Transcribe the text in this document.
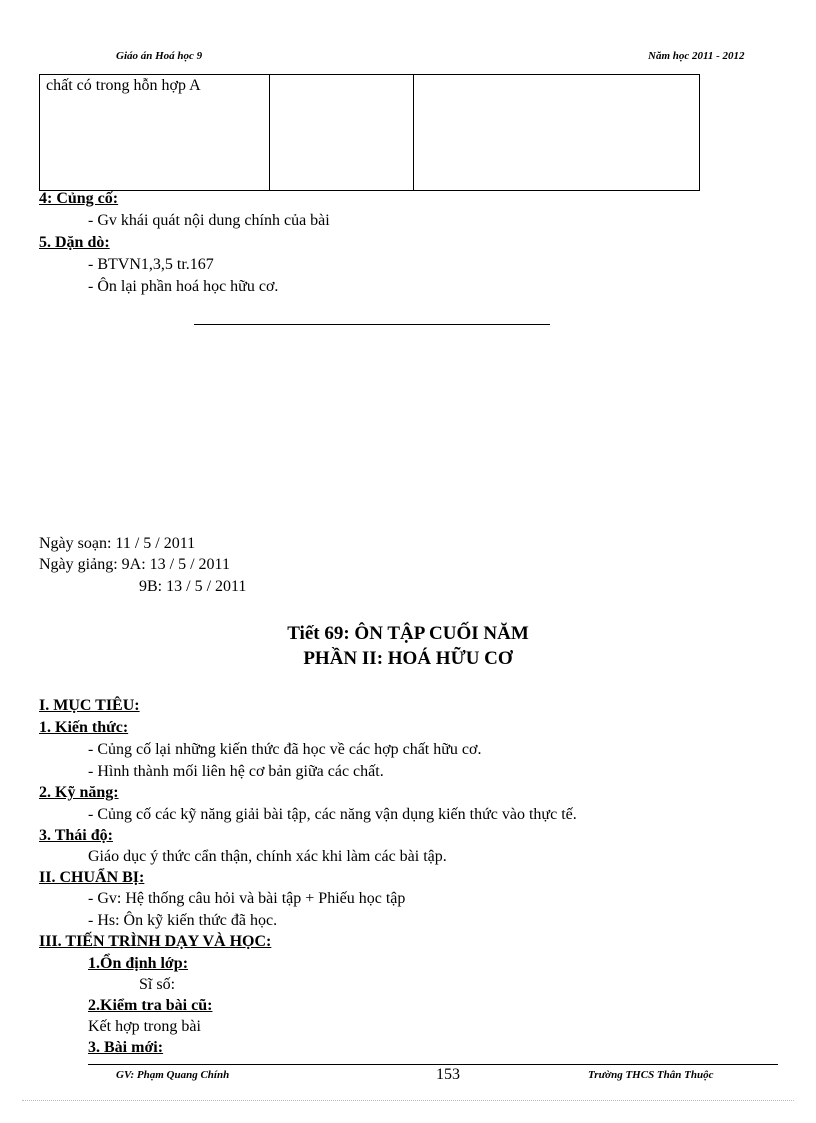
Giáo án Hoá học 9	Năm học 2011 - 2012
chất có trong hỗn hợp A		
4: Củng cố:
- Gv khái quát nội dung chính của bài
5. Dặn dò:
- BTVN1,3,5 tr.167
- Ôn lại phần hoá học hữu cơ.
Ngày soạn: 11 / 5 / 2011
Ngày giảng: 9A: 13 / 5 / 2011
9B: 13 / 5 / 2011
Tiết 69: ÔN TẬP CUỐI NĂM
PHẦN II: HOÁ HỮU CƠ
I. MỤC TIÊU:
1. Kiến thức:
- Củng cố lại những kiến thức đã học về các hợp chất hữu cơ.
- Hình thành mối liên hệ cơ bản giữa các chất.
2. Kỹ năng:
- Củng cố các kỹ năng giải bài tập, các năng vận dụng kiến thức vào thực tế.
3. Thái độ:
Giáo dục ý thức cẩn thận, chính xác khi làm các bài tập.
II. CHUẨN BỊ:
- Gv: Hệ thống câu hỏi và bài tập + Phiếu học tập
- Hs: Ôn kỹ kiến thức đã học.
III. TIẾN TRÌNH DẠY VÀ HỌC:
1.Ổn định lớp:
Sĩ số:
2.Kiểm tra bài cũ:
Kết hợp trong bài
3. Bài mới:
GV: Phạm Quang Chính	153	Trường THCS Thân Thuộc
